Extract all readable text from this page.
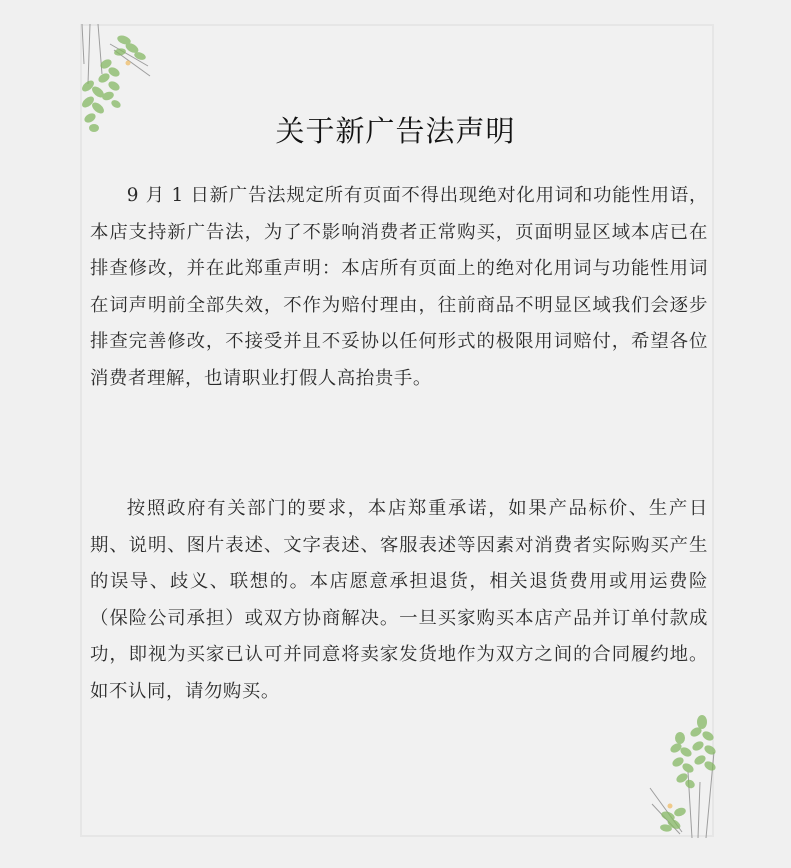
关于新广告法声明

9 月 1 日新广告法规定所有页面不得出现绝对化用词和功能性用语，本店支持新广告法，为了不影响消费者正常购买，页面明显区域本店已在排查修改，并在此郑重声明：本店所有页面上的绝对化用词与功能性用词在词声明前全部失效，不作为赔付理由，往前商品不明显区域我们会逐步排查完善修改，不接受并且不妥协以任何形式的极限用词赔付，希望各位消费者理解，也请职业打假人高抬贵手。

按照政府有关部门的要求，本店郑重承诺，如果产品标价、生产日期、说明、图片表述、文字表述、客服表述等因素对消费者实际购买产生的误导、歧义、联想的。本店愿意承担退货，相关退货费用或用运费险（保险公司承担）或双方协商解决。一旦买家购买本店产品并订单付款成功，即视为买家已认可并同意将卖家发货地作为双方之间的合同履约地。如不认同，请勿购买。
